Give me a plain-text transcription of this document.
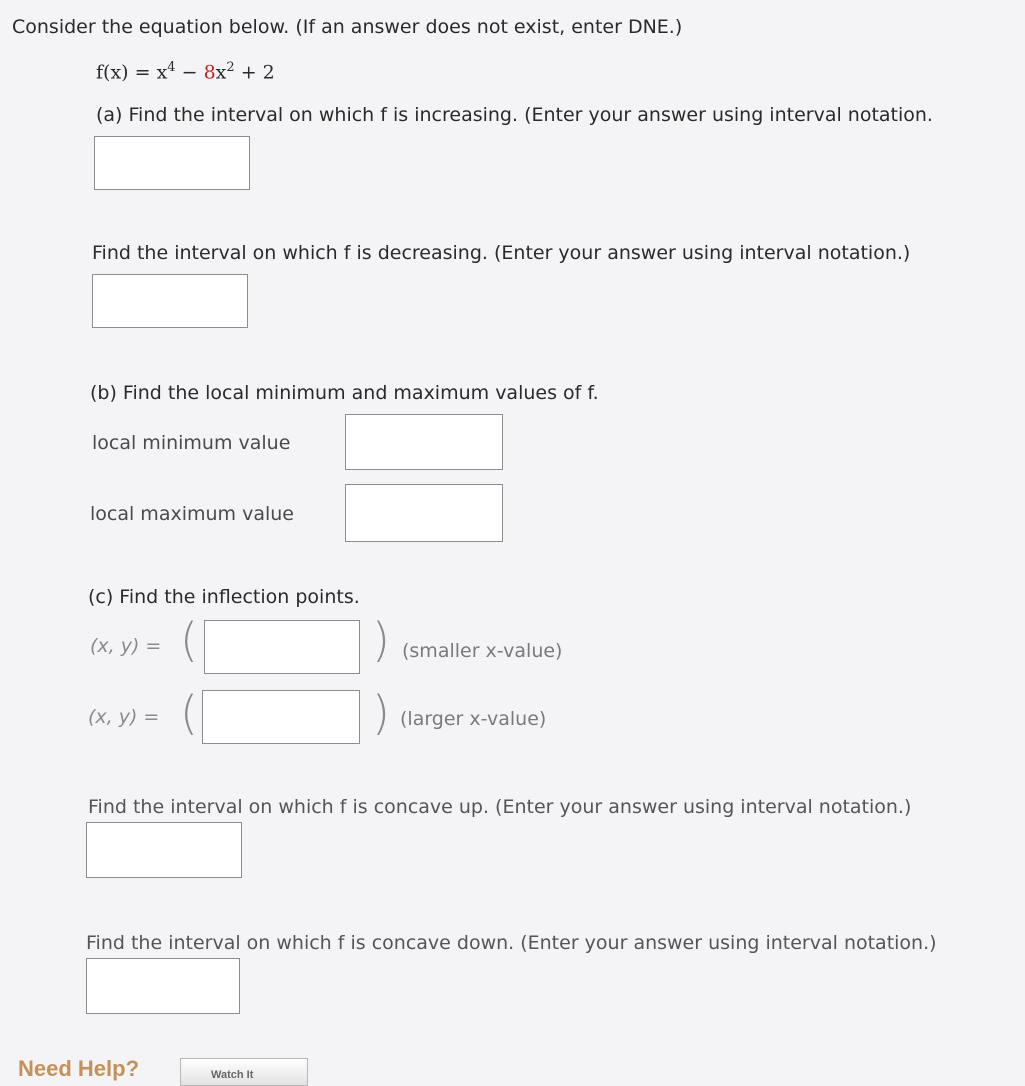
Consider the equation below. (If an answer does not exist, enter DNE.)
$f(x) = x^4 - 8x^2 + 2$
(a) Find the interval on which f is increasing. (Enter your answer using interval notation.
Find the interval on which f is decreasing. (Enter your answer using interval notation.)
(b) Find the local minimum and maximum values of f.
local minimum value
local maximum value
(c) Find the inflection points.
(x, y) = (	) (smaller x-value)
(x, y) = (	) (larger x-value)
Find the interval on which f is concave up. (Enter your answer using interval notation.)
Find the interval on which f is concave down. (Enter your answer using interval notation.)
Need Help?	Watch It
